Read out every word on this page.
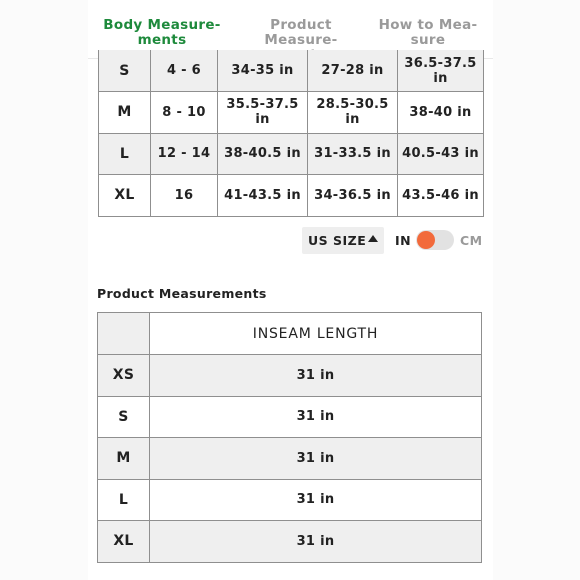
Body Measure-
ments
Product Measure-
How to Mea-
sure
S	4 - 6	34-35 in	27-28 in	36.5-37.5 in
M	8 - 10	35.5-37.5 in	28.5-30.5 in	38-40 in
L	12 - 14	38-40.5 in	31-33.5 in	40.5-43 in
XL	16	41-43.5 in	34-36.5 in	43.5-46 in
US SIZE IN	CM
Product Measurements
	INSEAM LENGTH
XS	31 in
S	31 in
M	31 in
L	31 in
XL	31 in
